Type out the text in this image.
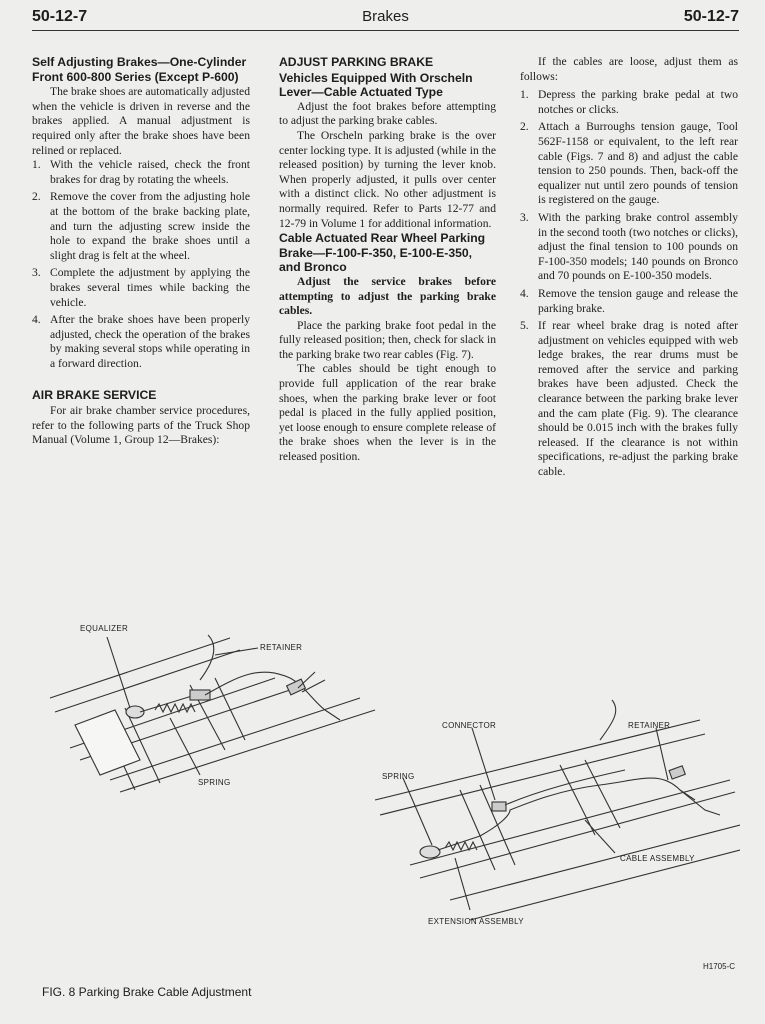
50-12-7	Brakes	50-12-7
Self Adjusting Brakes—One-Cylinder Front 600-800 Series (Except P-600)

The brake shoes are automatically adjusted when the vehicle is driven in reverse and the brakes applied. A manual adjustment is required only after the brake shoes have been relined or replaced.

1. With the vehicle raised, check the front brakes for drag by rotating the wheels.
2. Remove the cover from the adjusting hole at the bottom of the brake backing plate, and turn the adjusting screw inside the hole to expand the brake shoes until a slight drag is felt at the wheel.
3. Complete the adjustment by applying the brakes several times while backing the vehicle.
4. After the brake shoes have been properly adjusted, check the operation of the brakes by making several stops while operating in a forward direction.
AIR BRAKE SERVICE

For air brake chamber service procedures, refer to the following parts of the Truck Shop Manual (Volume 1, Group 12—Brakes):

ADJUST PARKING BRAKE
Vehicles Equipped With Orscheln Lever—Cable Actuated Type

Adjust the foot brakes before attempting to adjust the parking brake cables.

The Orscheln parking brake is the over center locking type. It is adjusted (while in the released position) by turning the lever knob. When properly adjusted, it pulls over center with a distinct click. No other adjustment is normally required. Refer to Parts 12-77 and 12-79 in Volume 1 for additional information.

Cable Actuated Rear Wheel Parking Brake—F-100-F-350, E-100-E-350, and Bronco

Adjust the service brakes before attempting to adjust the parking brake cables.

Place the parking brake foot pedal in the fully released position; then, check for slack in the parking brake two rear cables (Fig. 7).

The cables should be tight enough to provide full application of the rear brake shoes, when the parking brake lever or foot pedal is placed in the fully applied position, yet loose enough to ensure complete release of the brake shoes when the lever is in the released position.

If the cables are loose, adjust them as follows:

1. Depress the parking brake pedal at two notches or clicks.
2. Attach a Burroughs tension gauge, Tool 562F-1158 or equivalent, to the left rear cable (Figs. 7 and 8) and adjust the cable tension to 250 pounds. Then, back-off the equalizer nut until zero pounds of tension is registered on the gauge.
3. With the parking brake control assembly in the second tooth (two notches or clicks), adjust the final tension to 100 pounds on F-100-350 models; 140 pounds on Bronco and 70 pounds on E-100-350 models.
4. Remove the tension gauge and release the parking brake.
5. If rear wheel brake drag is noted after adjustment on vehicles equipped with web ledge brakes, the rear drums must be removed after the service and parking brakes have been adjusted. Check the clearance between the parking brake lever and the cam plate (Fig. 9). The clearance should be 0.015 inch with the brakes fully released. If the clearance is not within specifications, re-adjust the parking brake cable.
EQUALIZER
RETAINER
SPRING
CONNECTOR	RETAINER
SPRING
CABLE ASSEMBLY
EXTENSION ASSEMBLY
H1705-C
FIG. 8 Parking Brake Cable Adjustment
